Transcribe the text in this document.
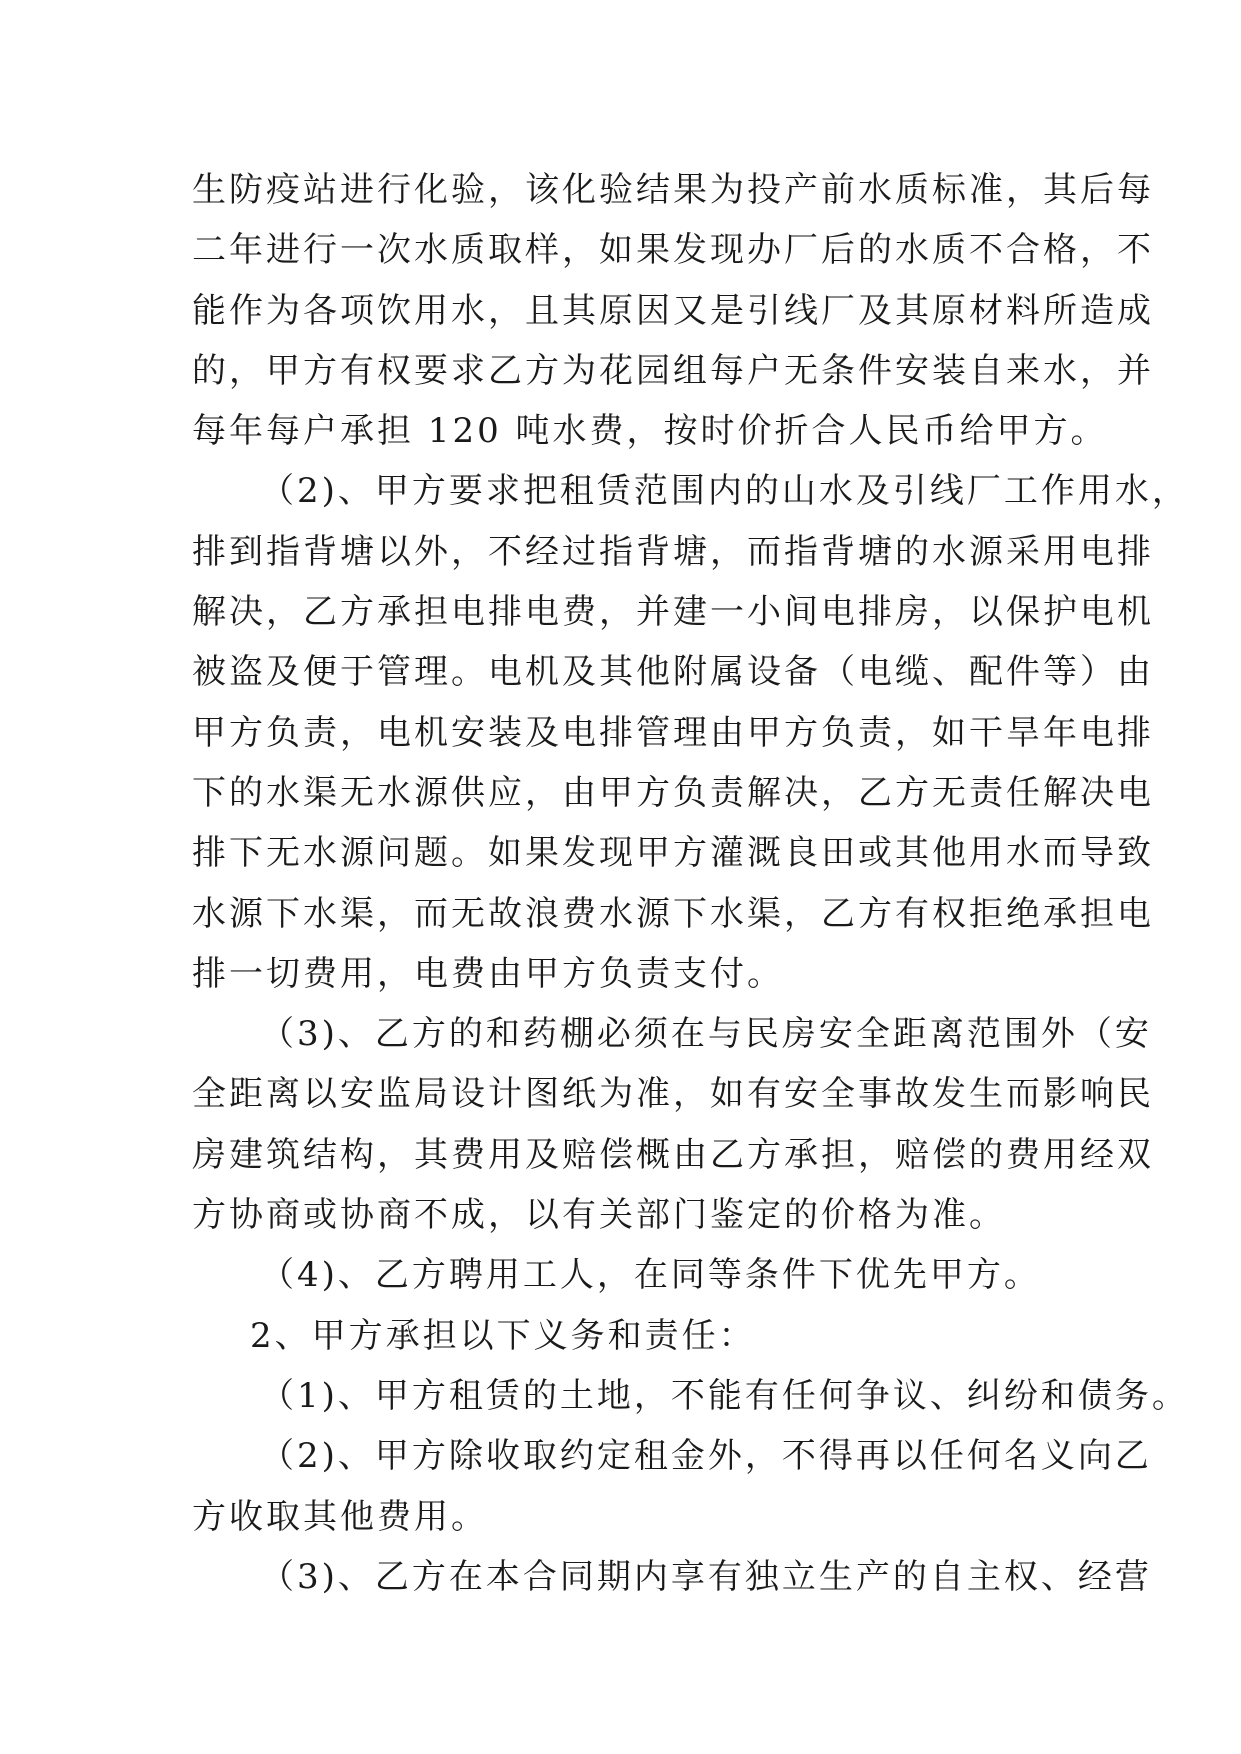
生防疫站进行化验，该化验结果为投产前水质标准，其后每
二年进行一次水质取样，如果发现办厂后的水质不合格，不
能作为各项饮用水，且其原因又是引线厂及其原材料所造成
的，甲方有权要求乙方为花园组每户无条件安装自来水，并
每年每户承担 120 吨水费，按时价折合人民币给甲方。
（2)、甲方要求把租赁范围内的山水及引线厂工作用水，
排到指背塘以外，不经过指背塘，而指背塘的水源采用电排
解决，乙方承担电排电费，并建一小间电排房，以保护电机
被盗及便于管理。电机及其他附属设备（电缆、配件等）由
甲方负责，电机安装及电排管理由甲方负责，如干旱年电排
下的水渠无水源供应，由甲方负责解决，乙方无责任解决电
排下无水源问题。如果发现甲方灌溉良田或其他用水而导致
水源下水渠，而无故浪费水源下水渠，乙方有权拒绝承担电
排一切费用，电费由甲方负责支付。
（3)、乙方的和药棚必须在与民房安全距离范围外（安
全距离以安监局设计图纸为准，如有安全事故发生而影响民
房建筑结构，其费用及赔偿概由乙方承担，赔偿的费用经双
方协商或协商不成，以有关部门鉴定的价格为准。
（4)、乙方聘用工人，在同等条件下优先甲方。
2、甲方承担以下义务和责任：
（1)、甲方租赁的土地，不能有任何争议、纠纷和债务。
（2)、甲方除收取约定租金外，不得再以任何名义向乙
方收取其他费用。
（3)、乙方在本合同期内享有独立生产的自主权、经营
